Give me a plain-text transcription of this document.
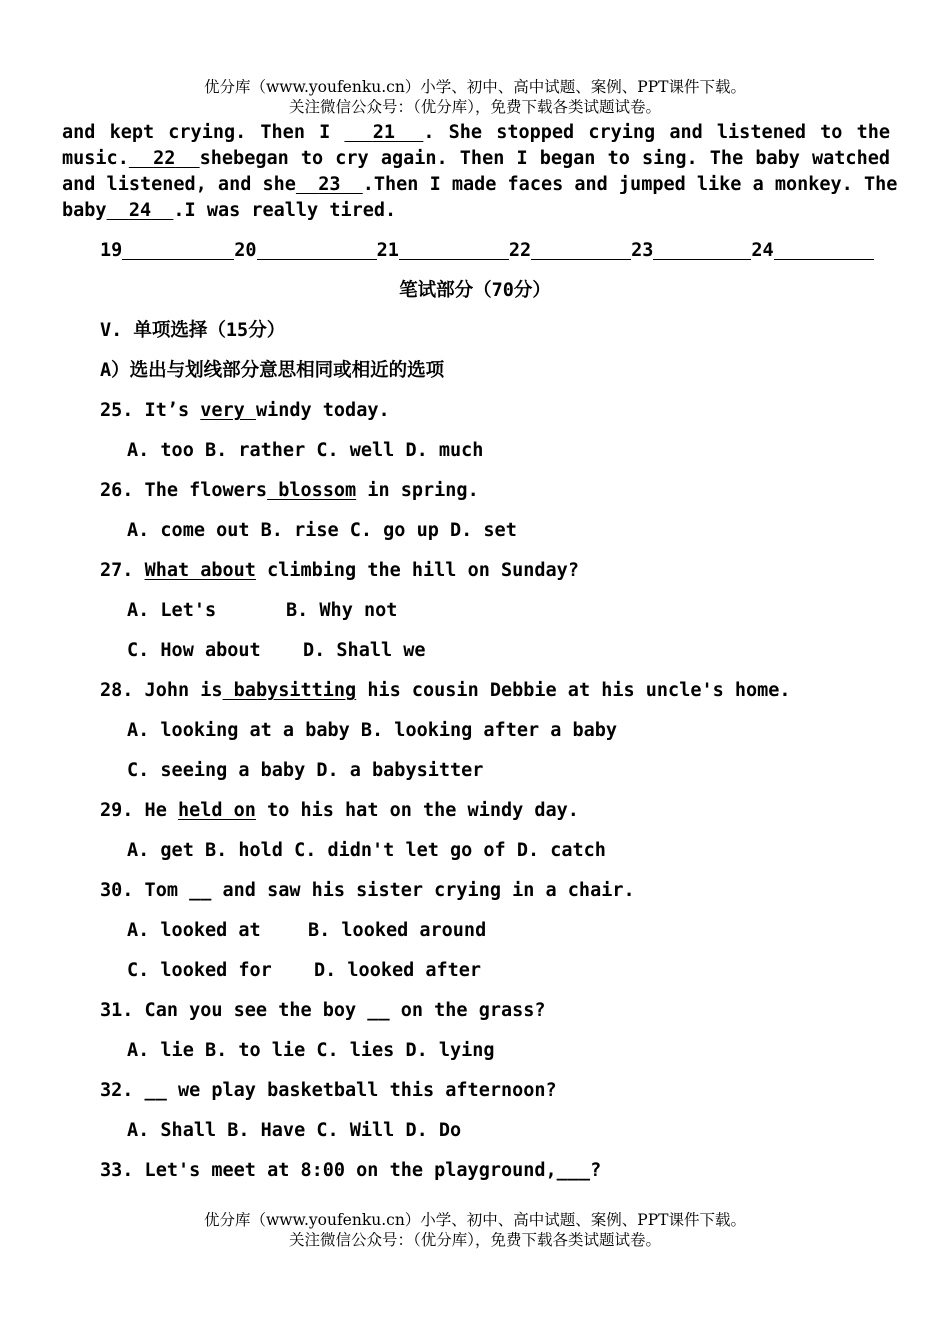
优分库（www.youfenku.cn）小学、初中、高中试题、案例、PPT课件下载。
关注微信公众号：（优分库），免费下载各类试题试卷。
and kept crying. Then I   21 . She stopped crying and listened to the
music. 22 shebegan to cry again. Then I began to sing. The baby watched
and listened, and she 23 .Then I made faces and jumped like a monkey. The
baby 24 .I was really tired.
19	20	21	22	23	24
笔试部分（70分）
V. 单项选择（15分）
A）选出与划线部分意思相同或相近的选项
25. It’s very windy today.
A. too B. rather C. well D. much
26. The flowers blossom in spring.
A. come out B. rise C. go up D. set
27. What about climbing the hill on Sunday?
A. Let's	B. Why not
C. How about D. Shall we
28. John is babysitting his cousin Debbie at his uncle's home.
A. looking at a baby B. looking after a baby
C. seeing a baby D. a babysitter
29. He held on to his hat on the windy day.
A. get B. hold C. didn't let go of D. catch
30. Tom __ and saw his sister crying in a chair.
A. looked at	B. looked around
C. looked for D. looked after
31. Can you see the boy __ on the grass?
A. lie B. to lie C. lies D. lying
32. __ we play basketball this afternoon?
A. Shall B. Have C. Will D. Do
33. Let's meet at 8:00 on the playground,___?
优分库（www.youfenku.cn）小学、初中、高中试题、案例、PPT课件下载。
关注微信公众号：（优分库），免费下载各类试题试卷。
